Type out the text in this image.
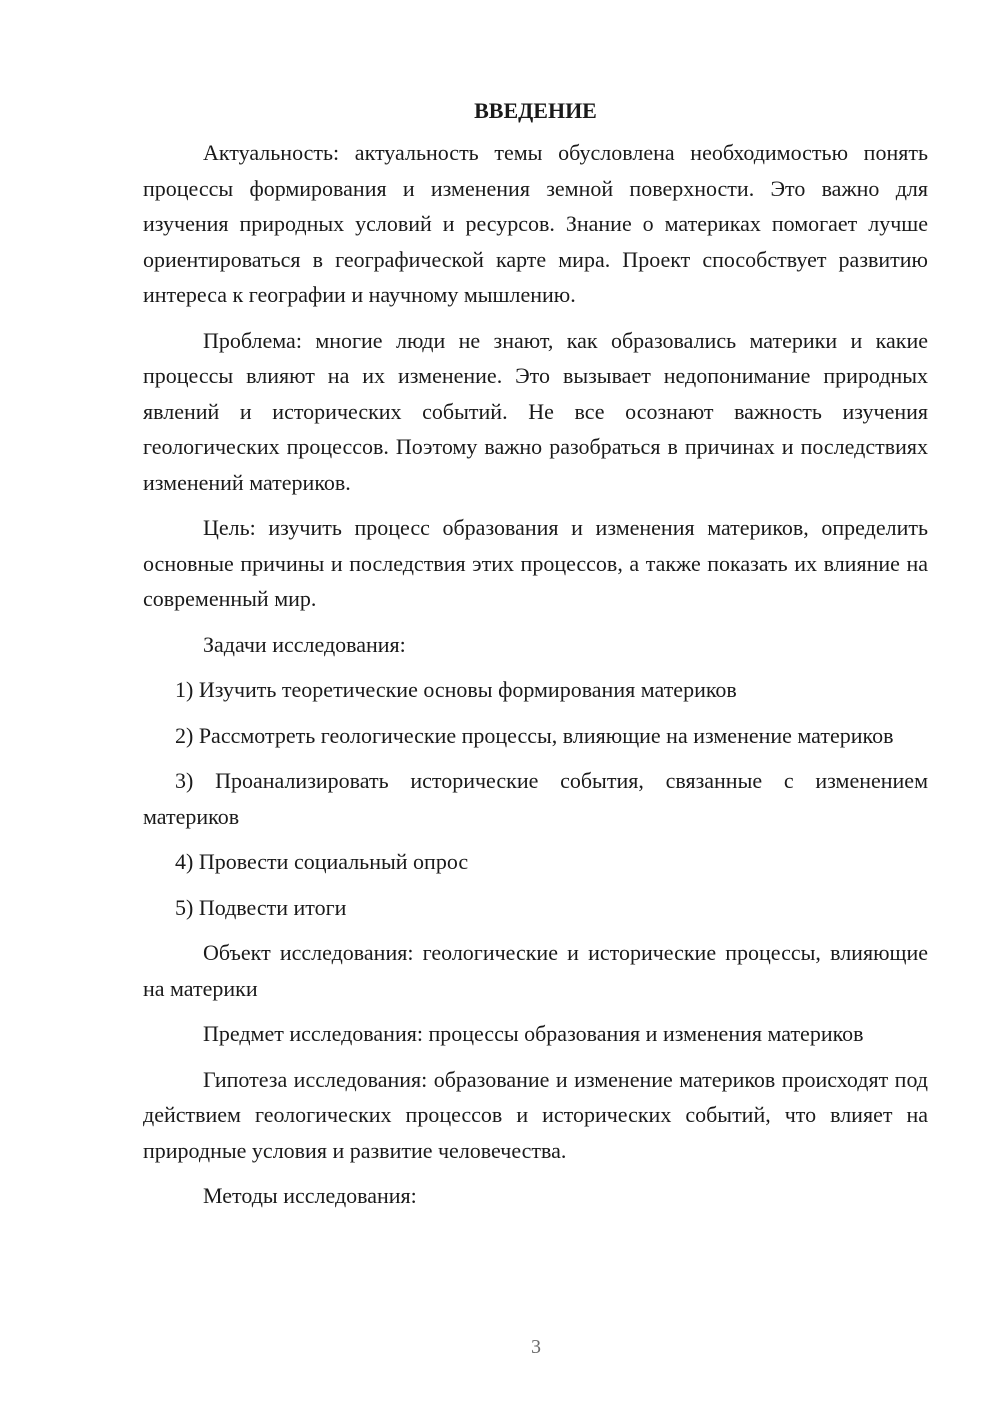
ВВЕДЕНИЕ

Актуальность: актуальность темы обусловлена необходимостью понять процессы формирования и изменения земной поверхности. Это важно для изучения природных условий и ресурсов. Знание о материках помогает лучше ориентироваться в географической карте мира. Проект способствует развитию интереса к географии и научному мышлению.

Проблема: многие люди не знают, как образовались материки и какие процессы влияют на их изменение. Это вызывает недопонимание природных явлений и исторических событий. Не все осознают важность изучения геологических процессов. Поэтому важно разобраться в причинах и последствиях изменений материков.

Цель: изучить процесс образования и изменения материков, определить основные причины и последствия этих процессов, а также показать их влияние на современный мир.

Задачи исследования:

1) Изучить теоретические основы формирования материков

2) Рассмотреть геологические процессы, влияющие на изменение материков

3) Проанализировать исторические события, связанные с изменением материков

4) Провести социальный опрос

5) Подвести итоги

Объект исследования: геологические и исторические процессы, влияющие на материки

Предмет исследования: процессы образования и изменения материков

Гипотеза исследования: образование и изменение материков происходят под действием геологических процессов и исторических событий, что влияет на природные условия и развитие человечества.

Методы исследования:

3
